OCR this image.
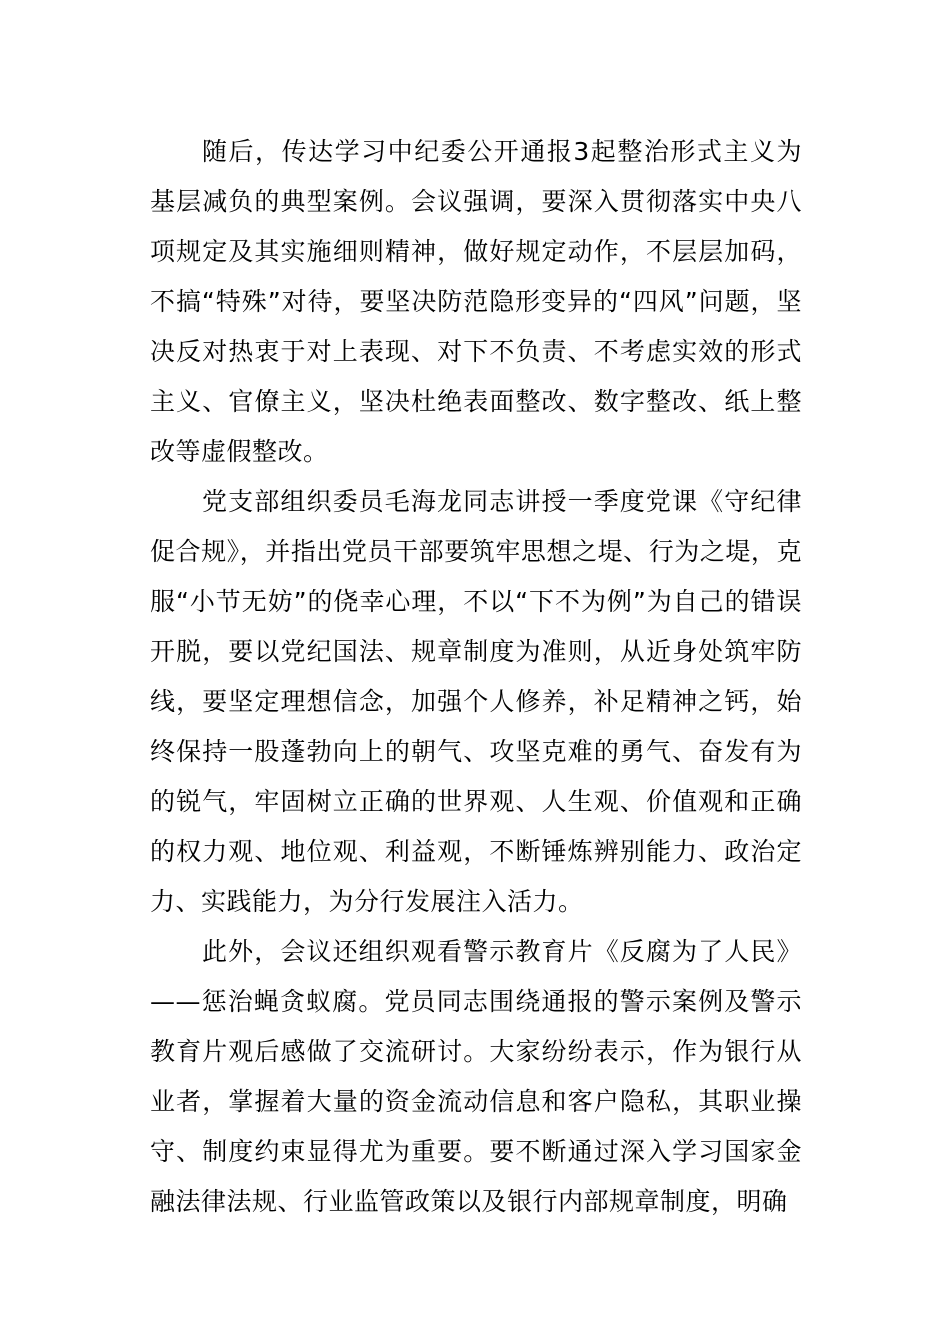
随后，传达学习中纪委公开通报3起整治形式主义为基层减负的典型案例。会议强调，要深入贯彻落实中央八项规定及其实施细则精神，做好规定动作，不层层加码，不搞“特殊”对待，要坚决防范隐形变异的“四风”问题，坚决反对热衷于对上表现、对下不负责、不考虑实效的形式主义、官僚主义，坚决杜绝表面整改、数字整改、纸上整改等虚假整改。

党支部组织委员毛海龙同志讲授一季度党课《守纪律促合规》，并指出党员干部要筑牢思想之堤、行为之堤，克服“小节无妨”的侥幸心理，不以“下不为例”为自己的错误开脱，要以党纪国法、规章制度为准则，从近身处筑牢防线，要坚定理想信念，加强个人修养，补足精神之钙，始终保持一股蓬勃向上的朝气、攻坚克难的勇气、奋发有为的锐气，牢固树立正确的世界观、人生观、价值观和正确的权力观、地位观、利益观，不断锤炼辨别能力、政治定力、实践能力，为分行发展注入活力。

此外，会议还组织观看警示教育片《反腐为了人民》——惩治蝇贪蚁腐。党员同志围绕通报的警示案例及警示教育片观后感做了交流研讨。大家纷纷表示，作为银行从业者，掌握着大量的资金流动信息和客户隐私，其职业操守、制度约束显得尤为重要。要不断通过深入学习国家金融法律法规、行业监管政策以及银行内部规章制度，明确
